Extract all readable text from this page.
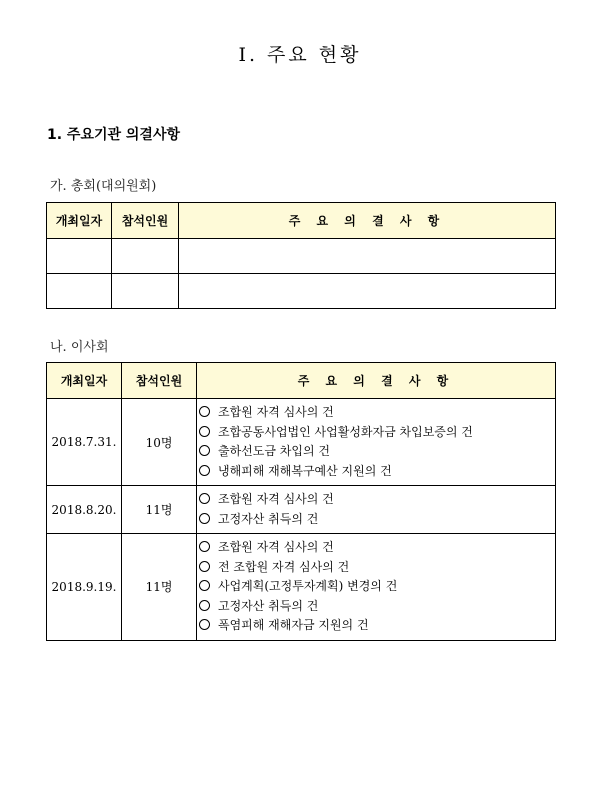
Ⅰ. 주요 현황
1. 주요기관 의결사항
가. 총회(대의원회)
개최일자	참석인원	주 요 의 결 사 항

나. 이사회
개최일자	참석인원	주 요 의 결 사 항
2018.7.31.	10명	조합원 자격 심사의 건
조합공동사업법인 사업활성화자금 차입보증의 건
출하선도금 차입의 건
냉해피해 재해복구예산 지원의 건

2018.8.20.	11명	조합원 자격 심사의 건
고정자산 취득의 건

2018.9.19.	11명	조합원 자격 심사의 건
전 조합원 자격 심사의 건
사업계획(고정투자계획) 변경의 건
고정자산 취득의 건
폭염피해 재해자금 지원의 건
